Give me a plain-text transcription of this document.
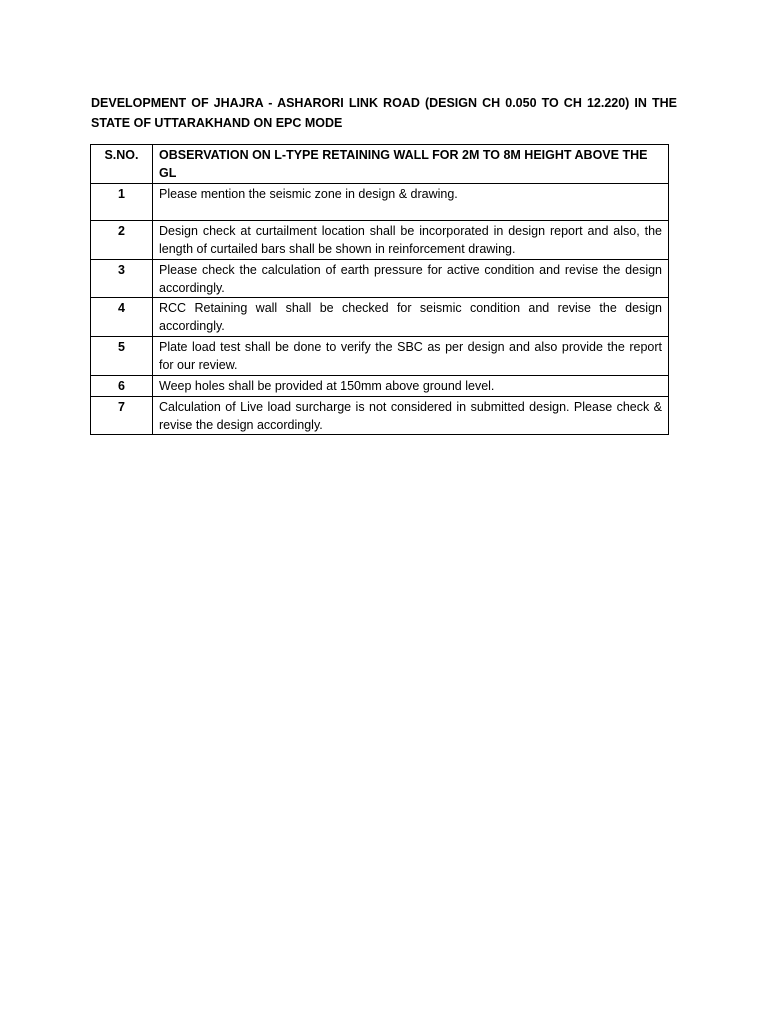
DEVELOPMENT OF JHAJRA - ASHARORI LINK ROAD (DESIGN CH 0.050 TO CH 12.220) IN THE STATE OF UTTARAKHAND ON EPC MODE
S.NO.	OBSERVATION ON L-TYPE RETAINING WALL FOR 2M TO 8M HEIGHT ABOVE THE GL
1	Please mention the seismic zone in design & drawing.
2	Design check at curtailment location shall be incorporated in design report and also, the length of curtailed bars shall be shown in reinforcement drawing.
3	Please check the calculation of earth pressure for active condition and revise the design accordingly.
4	RCC Retaining wall shall be checked for seismic condition and revise the design accordingly.
5	Plate load test shall be done to verify the SBC as per design and also provide the report for our review.
6	Weep holes shall be provided at 150mm above ground level.
7	Calculation of Live load surcharge is not considered in submitted design. Please check & revise the design accordingly.
